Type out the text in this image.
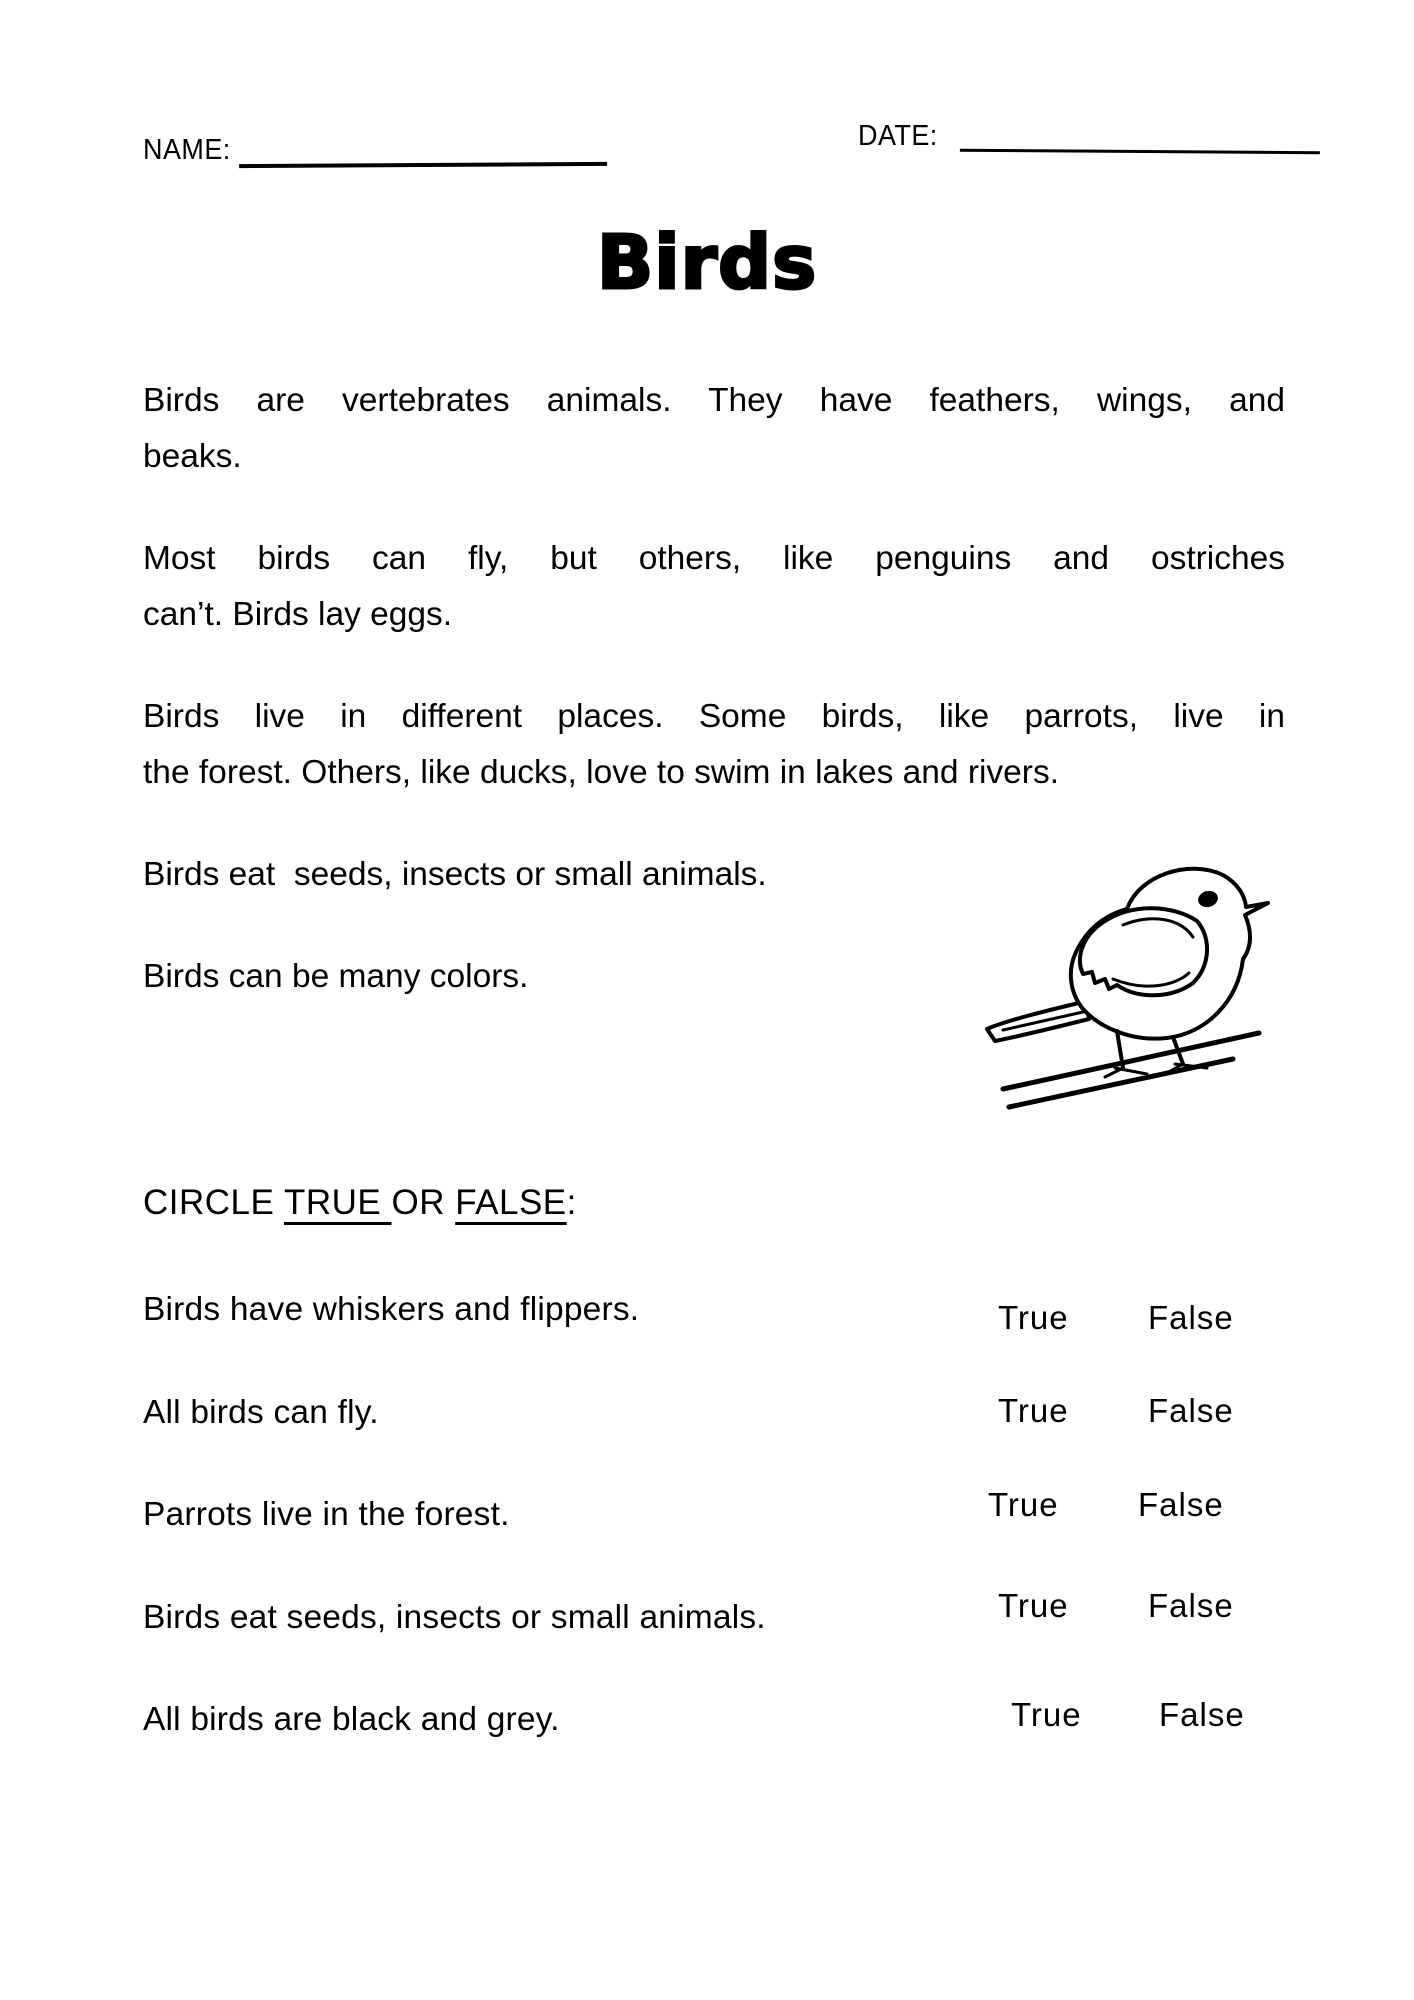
NAME:	DATE:
Birds
Birds are vertebrates animals. They have feathers, wings, and
beaks.
Most birds can fly, but others, like penguins and ostriches
can’t. Birds lay eggs.
Birds live in different places. Some birds, like parrots, live in
the forest. Others, like ducks, love to swim in lakes and rivers.
Birds eat  seeds, insects or small animals.
Birds can be many colors.
CIRCLE TRUE OR FALSE:
Birds have whiskers and flippers.	True False
All birds can fly.	True False
Parrots live in the forest.	True False
Birds eat seeds, insects or small animals.	True False
All birds are black and grey.	True False
